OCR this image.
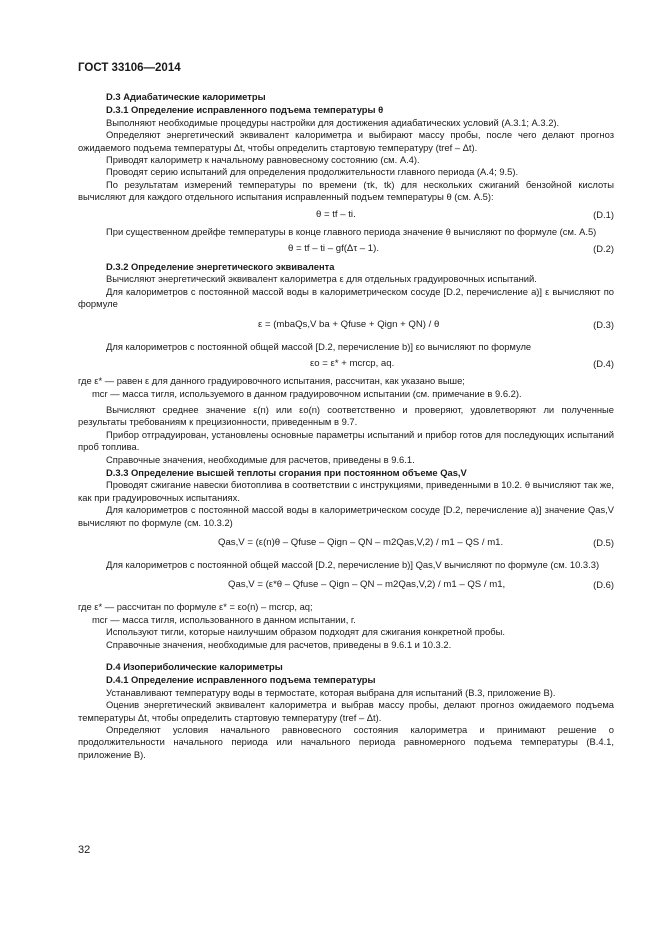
ГОСТ 33106—2014

D.3 Адиабатические калориметры

D.3.1 Определение исправленного подъема температуры θ

Выполняют необходимые процедуры настройки для достижения адиабатических условий (А.3.1; А.3.2).

Определяют энергетический эквивалент калориметра и выбирают массу пробы, после чего делают прогноз ожидаемого подъема температуры Δt, чтобы определить стартовую температуру (tref – Δt).

Приводят калориметр к начальному равновесному состоянию (см. А.4).

Проводят серию испытаний для определения продолжительности главного периода (А.4; 9.5).

По результатам измерений температуры по времени (τk, tk) для нескольких сжиганий бензойной кислоты вычисляют для каждого отдельного испытания исправленный подъем температуры θ (см. А.5):

θ = tf – ti.	(D.1)

При существенном дрейфе температуры в конце главного периода значение θ вычисляют по формуле (см. А.5)

θ = tf – ti – gf(Δτ – 1).	(D.2)

D.3.2 Определение энергетического эквивалента

Вычисляют энергетический эквивалент калориметра ε для отдельных градуировочных испытаний.

Для калориметров с постоянной массой воды в калориметрическом сосуде [D.2, перечисление а)] ε вычисляют по формуле

ε = (mbaQs,V ba + Qfuse + Qign + QN) / θ	(D.3)

Для калориметров с постоянной общей массой [D.2, перечисление b)] εo вычисляют по формуле

εo = ε* + mcrcp, aq.	(D.4)

где ε* — равен ε для данного градуировочного испытания, рассчитан, как указано выше;

mcr — масса тигля, используемого в данном градуировочном испытании (см. примечание в 9.6.2).

Вычисляют среднее значение ε(n) или εo(n) соответственно и проверяют, удовлетворяют ли полученные результаты требованиям к прецизионности, приведенным в 9.7.

Прибор отградуирован, установлены основные параметры испытаний и прибор готов для последующих испытаний проб топлива.

Справочные значения, необходимые для расчетов, приведены в 9.6.1.

D.3.3 Определение высшей теплоты сгорания при постоянном объеме Qas,V

Проводят сжигание навески биотоплива в соответствии с инструкциями, приведенными в 10.2. θ вычисляют так же, как при градуировочных испытаниях.

Для калориметров с постоянной массой воды в калориметрическом сосуде [D.2, перечисление а)] значение Qas,V вычисляют по формуле (см. 10.3.2)

Qas,V = (ε(n)θ – Qfuse – Qign – QN – m2Qas,V,2) / m1 – QS / m1.	(D.5)

Для калориметров с постоянной общей массой [D.2, перечисление b)] Qas,V вычисляют по формуле (см. 10.3.3)

Qas,V = (ε*θ – Qfuse – Qign – QN – m2Qas,V,2) / m1 – QS / m1,	(D.6)

где ε* — рассчитан по формуле ε* = εo(n) – mcrcp, aq;

mcr — масса тигля, использованного в данном испытании, г.

Используют тигли, которые наилучшим образом подходят для сжигания конкретной пробы.

Справочные значения, необходимые для расчетов, приведены в 9.6.1 и 10.3.2.

D.4 Изопериболические калориметры

D.4.1 Определение исправленного подъема температуры

Устанавливают температуру воды в термостате, которая выбрана для испытаний (В.3, приложение В).

Оценив энергетический эквивалент калориметра и выбрав массу пробы, делают прогноз ожидаемого подъема температуры Δt, чтобы определить стартовую температуру (tref – Δt).

Определяют условия начального равновесного состояния калориметра и принимают решение о продолжительности начального периода или начального периода равномерного подъема температуры (В.4.1, приложение В).

32
